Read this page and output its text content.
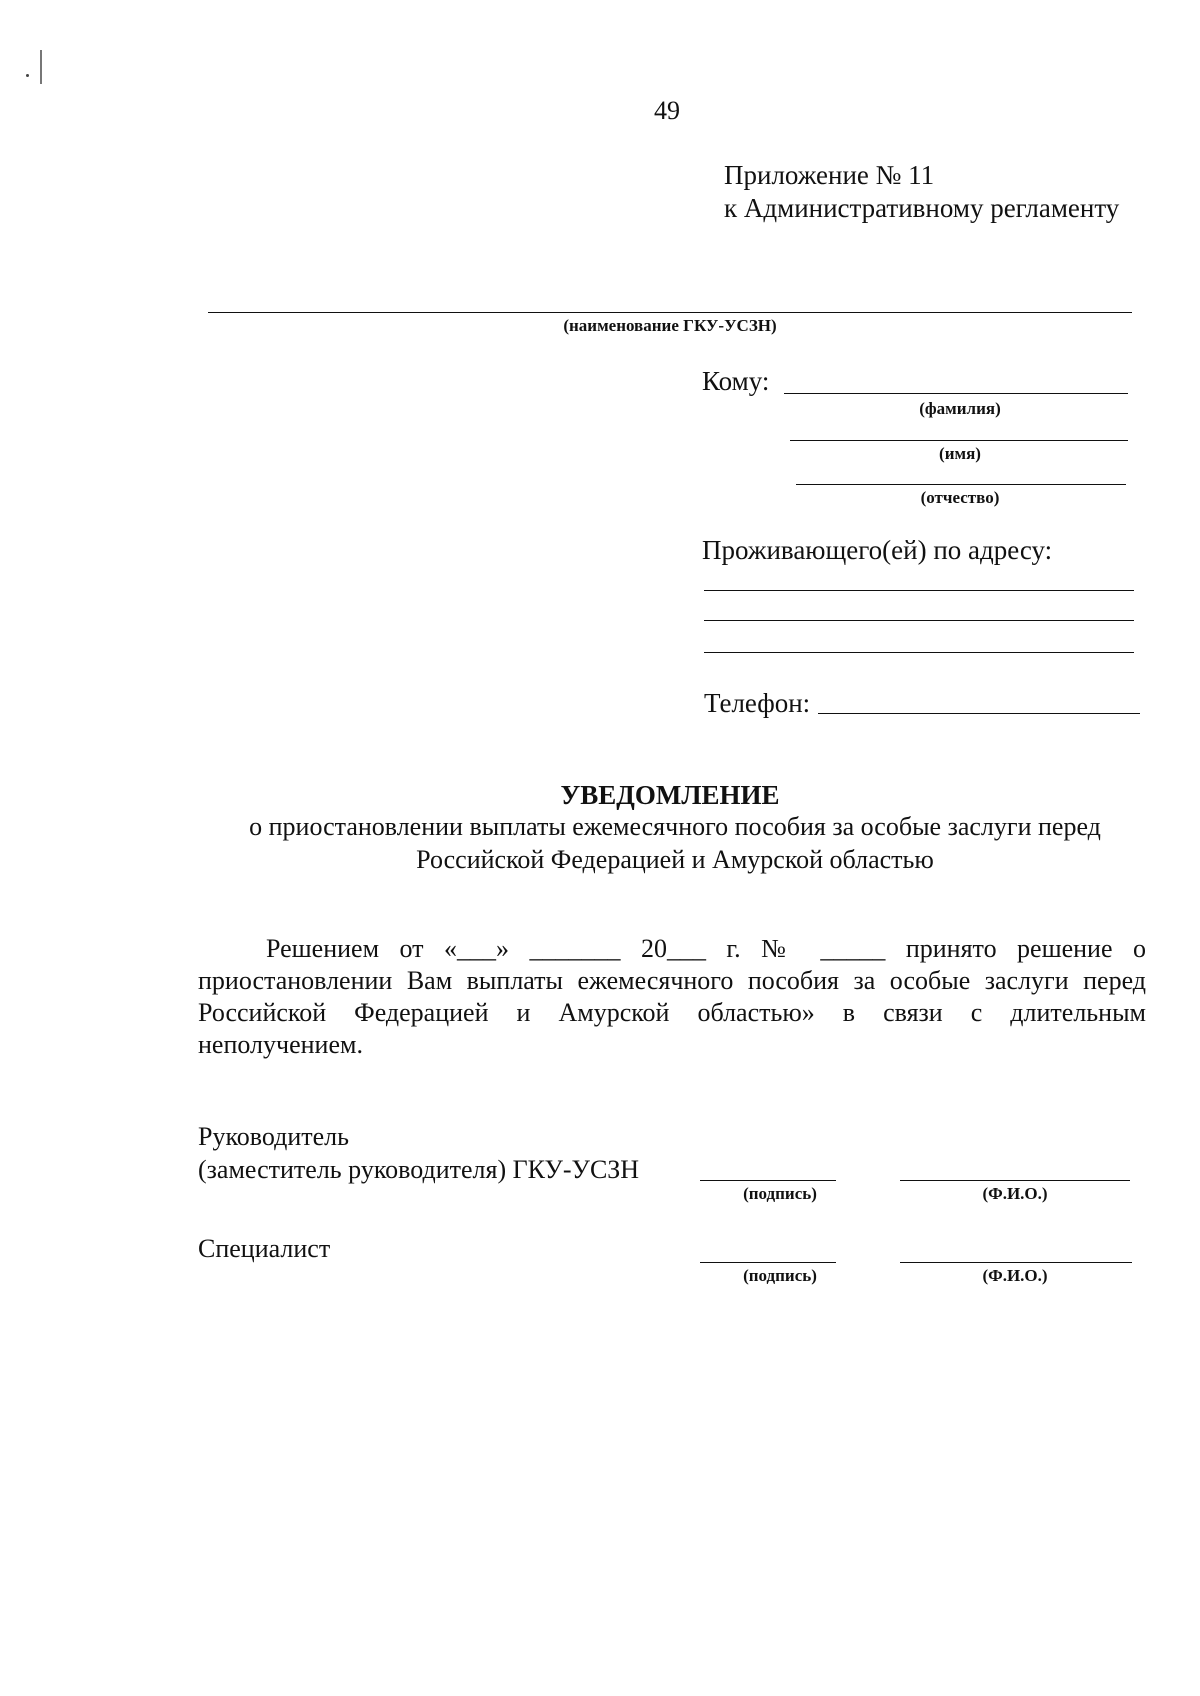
49
Приложение № 11
к Административному регламенту
(наименование ГКУ-УСЗН)
Кому:
(фамилия)
(имя)
(отчество)
Проживающего(ей) по адресу:
Телефон:
УВЕДОМЛЕНИЕ
о приостановлении выплаты ежемесячного пособия за особые заслуги перед
Российской Федерацией и Амурской областью
Решением от «___» _______ 20___ г. № _____ принято решение о
приостановлении Вам выплаты ежемесячного пособия за особые заслуги перед
Российской Федерацией и Амурской областью» в связи с длительным
неполучением.
Руководитель
(заместитель руководителя) ГКУ-УСЗН
(подпись)	(Ф.И.О.)
Специалист
(подпись)	(Ф.И.О.)
